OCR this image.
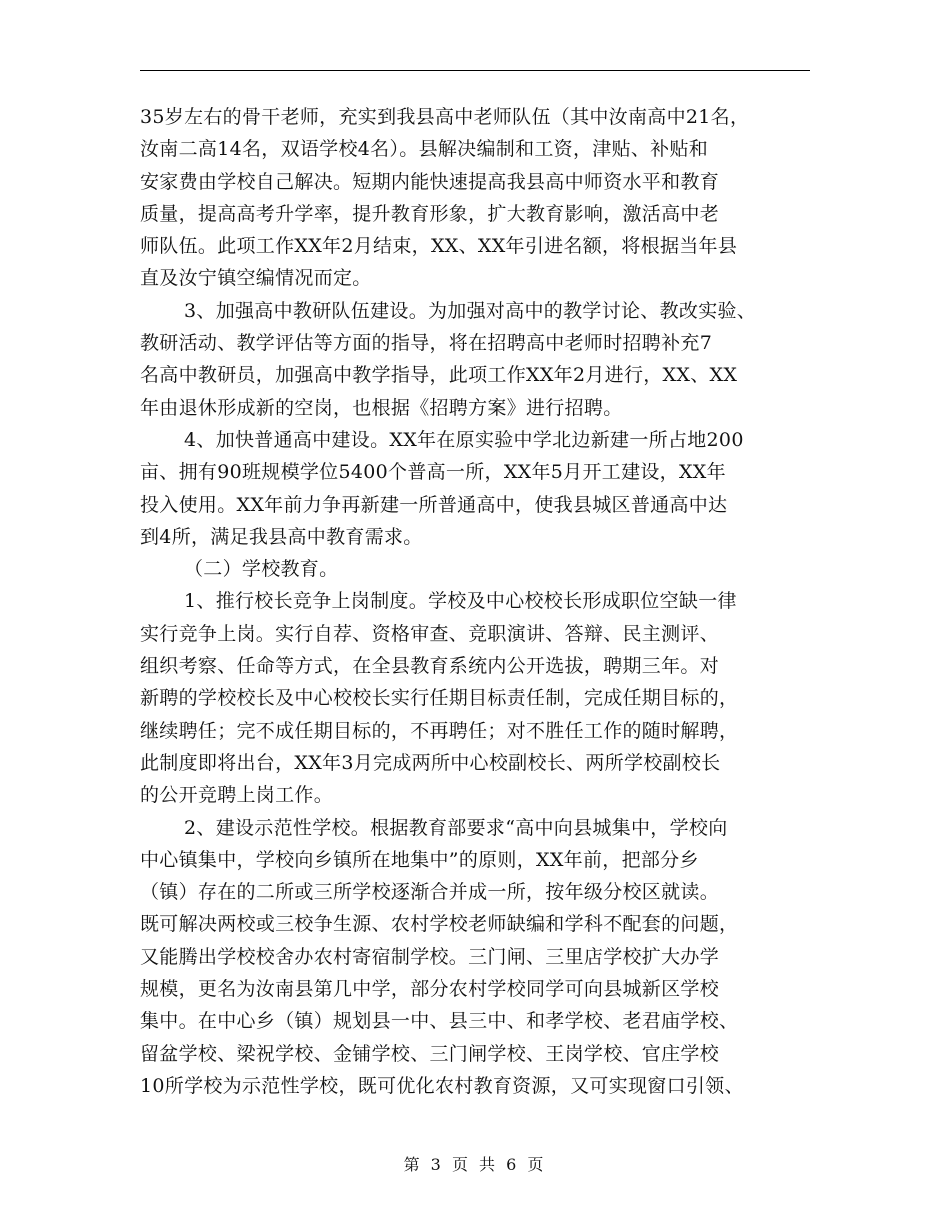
35岁左右的骨干老师，充实到我县高中老师队伍（其中汝南高中21名，
汝南二高14名，双语学校4名）。县解决编制和工资，津贴、补贴和
安家费由学校自己解决。短期内能快速提高我县高中师资水平和教育
质量，提高高考升学率，提升教育形象，扩大教育影响，激活高中老
师队伍。此项工作XX年2月结束，XX、XX年引进名额，将根据当年县
直及汝宁镇空编情况而定。
3、加强高中教研队伍建设。为加强对高中的教学讨论、教改实验、
教研活动、教学评估等方面的指导，将在招聘高中老师时招聘补充7
名高中教研员，加强高中教学指导，此项工作XX年2月进行，XX、XX
年由退休形成新的空岗，也根据《招聘方案》进行招聘。
4、加快普通高中建设。XX年在原实验中学北边新建一所占地200
亩、拥有90班规模学位5400个普高一所，XX年5月开工建设，XX年
投入使用。XX年前力争再新建一所普通高中，使我县城区普通高中达
到4所，满足我县高中教育需求。
（二）学校教育。
1、推行校长竞争上岗制度。学校及中心校校长形成职位空缺一律
实行竞争上岗。实行自荐、资格审查、竞职演讲、答辩、民主测评、
组织考察、任命等方式，在全县教育系统内公开选拔，聘期三年。对
新聘的学校校长及中心校校长实行任期目标责任制，完成任期目标的，
继续聘任；完不成任期目标的，不再聘任；对不胜任工作的随时解聘，
此制度即将出台，XX年3月完成两所中心校副校长、两所学校副校长
的公开竞聘上岗工作。
2、建设示范性学校。根据教育部要求“高中向县城集中，学校向
中心镇集中，学校向乡镇所在地集中”的原则，XX年前，把部分乡
（镇）存在的二所或三所学校逐渐合并成一所，按年级分校区就读。
既可解决两校或三校争生源、农村学校老师缺编和学科不配套的问题，
又能腾出学校校舍办农村寄宿制学校。三门闸、三里店学校扩大办学
规模，更名为汝南县第几中学，部分农村学校同学可向县城新区学校
集中。在中心乡（镇）规划县一中、县三中、和孝学校、老君庙学校、
留盆学校、梁祝学校、金铺学校、三门闸学校、王岗学校、官庄学校
10所学校为示范性学校，既可优化农村教育资源，又可实现窗口引领、
第 3 页 共 6 页
